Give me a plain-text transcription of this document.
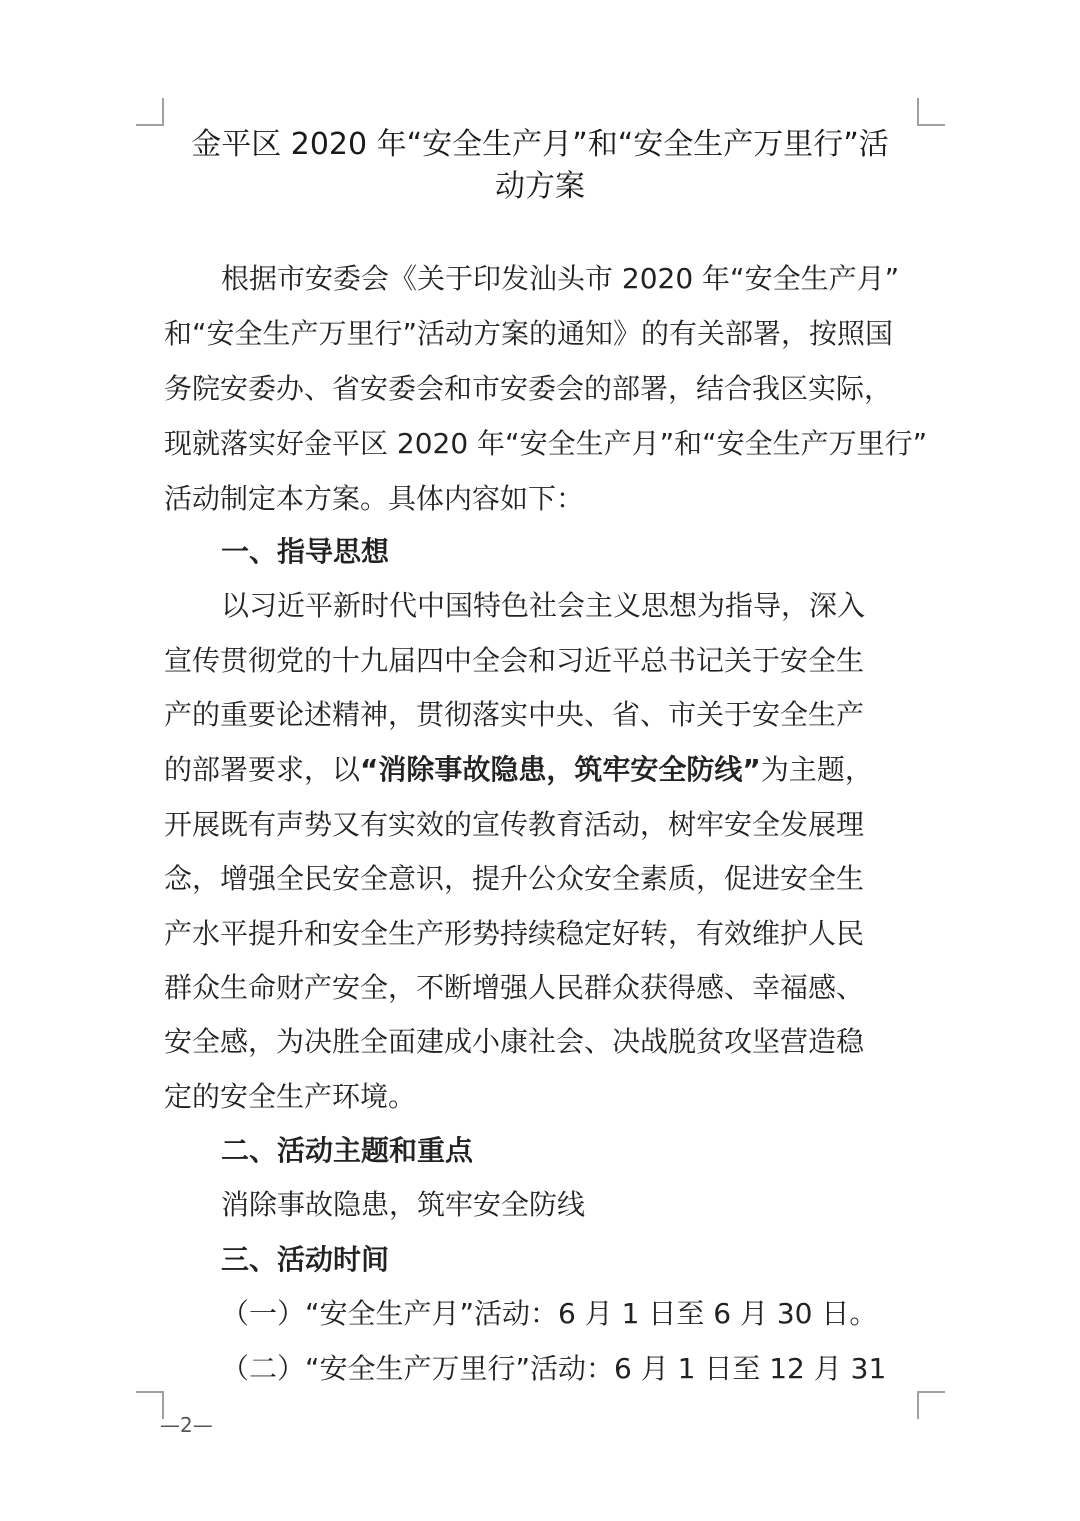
金平区 2020 年“安全生产月”和“安全生产万里行”活
动方案
根据市安委会《关于印发汕头市 2020 年“安全生产月”
和“安全生产万里行”活动方案的通知》的有关部署，按照国
务院安委办、省安委会和市安委会的部署，结合我区实际，
现就落实好金平区 2020 年“安全生产月”和“安全生产万里行”
活动制定本方案。具体内容如下：
一、指导思想
以习近平新时代中国特色社会主义思想为指导，深入
宣传贯彻党的十九届四中全会和习近平总书记关于安全生
产的重要论述精神，贯彻落实中央、省、市关于安全生产
的部署要求，以“消除事故隐患，筑牢安全防线”为主题，
开展既有声势又有实效的宣传教育活动，树牢安全发展理
念，增强全民安全意识，提升公众安全素质，促进安全生
产水平提升和安全生产形势持续稳定好转，有效维护人民
群众生命财产安全，不断增强人民群众获得感、幸福感、
安全感，为决胜全面建成小康社会、决战脱贫攻坚营造稳
定的安全生产环境。
二、活动主题和重点
消除事故隐患，筑牢安全防线
三、活动时间
（一）“安全生产月”活动：6 月 1 日至 6 月 30 日。
（二）“安全生产万里行”活动：6 月 1 日至 12 月 31
—2—
